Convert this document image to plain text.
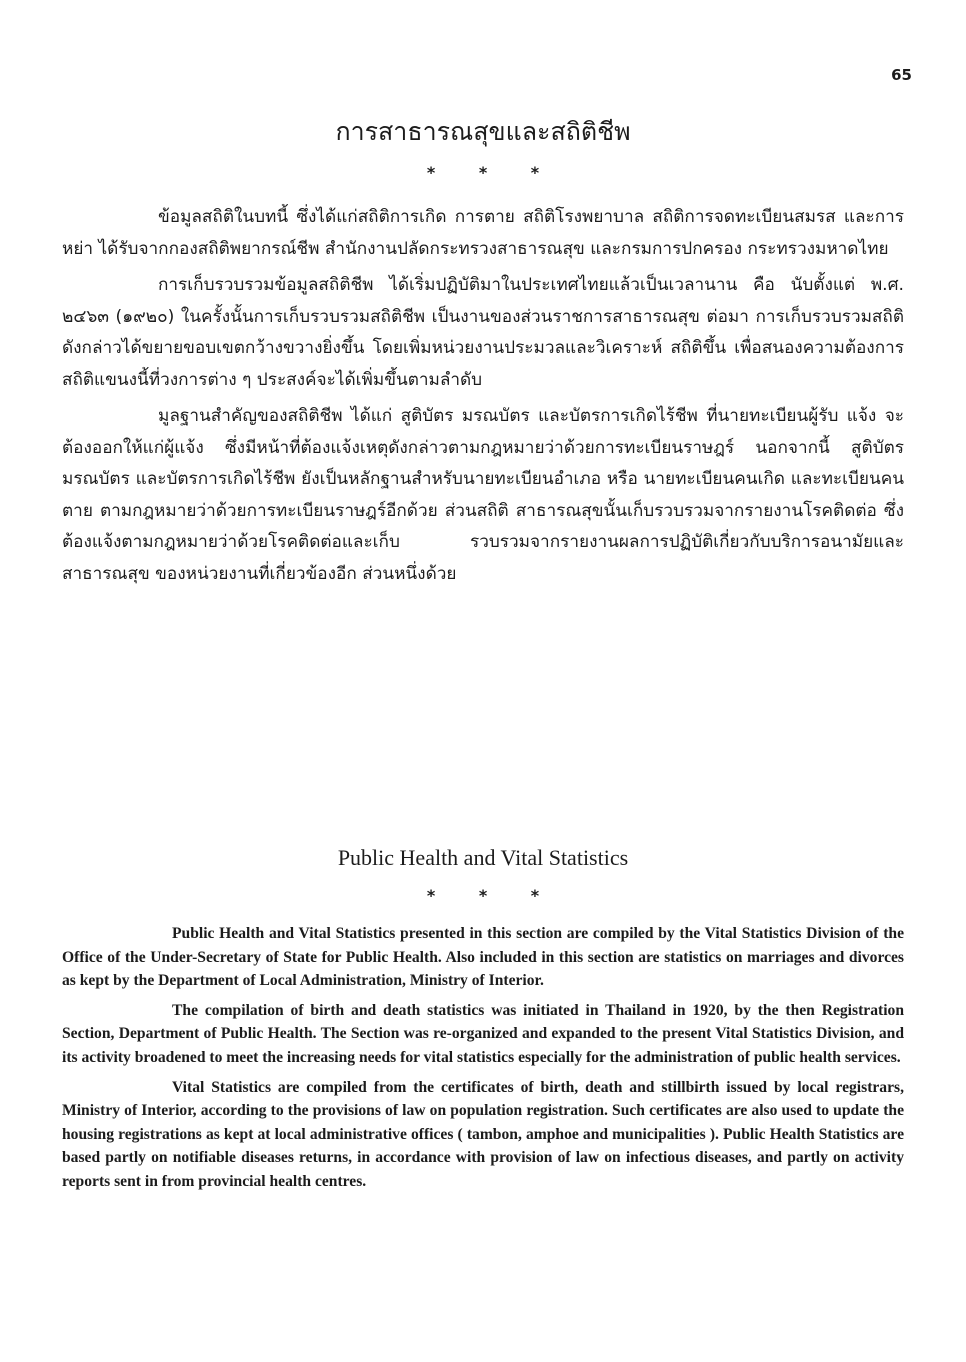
65
การสาธารณสุขและสถิติชีพ
* * *

ข้อมูลสถิติในบทนี้ ซึ่งได้แก่สถิติการเกิด การตาย สถิติโรงพยาบาล สถิติการจดทะเบียนสมรส และการหย่า ได้รับจากกองสถิติพยากรณ์ชีพ สำนักงานปลัดกระทรวงสาธารณสุข และกรมการปกครอง กระทรวงมหาดไทย

การเก็บรวบรวมข้อมูลสถิติชีพ ได้เริ่มปฏิบัติมาในประเทศไทยแล้วเป็นเวลานาน คือ นับตั้งแต่ พ.ศ. ๒๔๖๓ (๑๙๒๐) ในครั้งนั้นการเก็บรวบรวมสถิติชีพ เป็นงานของส่วนราชการสาธารณสุข ต่อมา การเก็บรวบรวมสถิติดังกล่าวได้ขยายขอบเขตกว้างขวางยิ่งขึ้น โดยเพิ่มหน่วยงานประมวลและวิเคราะห์ สถิติขึ้น เพื่อสนองความต้องการสถิติแขนงนี้ที่วงการต่าง ๆ ประสงค์จะได้เพิ่มขึ้นตามลำดับ

มูลฐานสำคัญของสถิติชีพ ได้แก่ สูติบัตร มรณบัตร และบัตรการเกิดไร้ชีพ ที่นายทะเบียนผู้รับ แจ้ง จะต้องออกให้แก่ผู้แจ้ง ซึ่งมีหน้าที่ต้องแจ้งเหตุดังกล่าวตามกฎหมายว่าด้วยการทะเบียนราษฎร์ นอกจากนี้ สูติบัตร มรณบัตร และบัตรการเกิดไร้ชีพ ยังเป็นหลักฐานสำหรับนายทะเบียนอำเภอ หรือ นายทะเบียนคนเกิด และทะเบียนคนตาย ตามกฎหมายว่าด้วยการทะเบียนราษฎร์อีกด้วย ส่วนสถิติ สาธารณสุขนั้นเก็บรวบรวมจากรายงานโรคติดต่อ ซึ่งต้องแจ้งตามกฎหมายว่าด้วยโรคติดต่อและเก็บ รวบรวมจากรายงานผลการปฏิบัติเกี่ยวกับบริการอนามัยและสาธารณสุข ของหน่วยงานที่เกี่ยวข้องอีก ส่วนหนึ่งด้วย

Public Health and Vital Statistics
* * *

Public Health and Vital Statistics presented in this section are compiled by the Vital Statistics Division of the Office of the Under-Secretary of State for Public Health. Also included in this section are statistics on marriages and divorces as kept by the Department of Local Administration, Ministry of Interior.

The compilation of birth and death statistics was initiated in Thailand in 1920, by the then Registration Section, Department of Public Health. The Section was re-organized and expanded to the present Vital Statistics Division, and its activity broadened to meet the increasing needs for vital statistics especially for the administration of public health services.

Vital Statistics are compiled from the certificates of birth, death and stillbirth issued by local registrars, Ministry of Interior, according to the provisions of law on population registration. Such certificates are also used to update the housing registrations as kept at local administrative offices ( tambon, amphoe and municipalities ). Public Health Statistics are based partly on notifiable diseases returns, in accordance with provision of law on infectious diseases, and partly on activity reports sent in from provincial health centres.
